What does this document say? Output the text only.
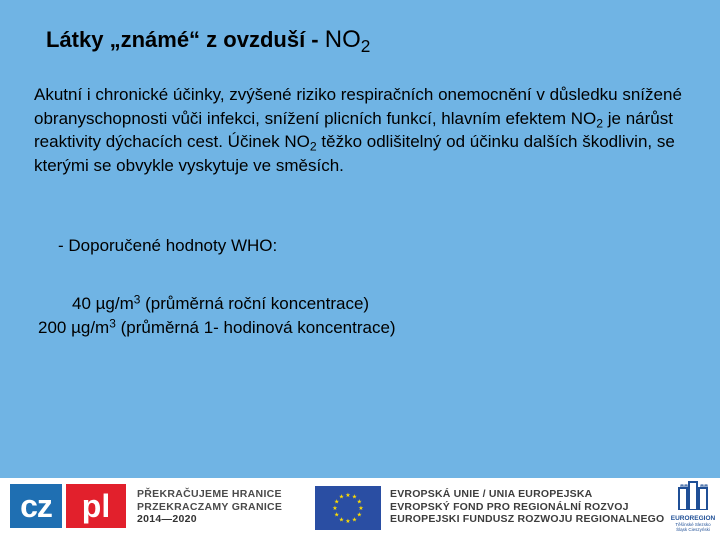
Látky „známé“ z ovzduší - $NO_2$
Akutní i chronické účinky, zvýšené riziko respiračních onemocnění v důsledku snížené obranyschopnosti vůči infekci, snížení plicních funkcí, hlavním efektem $NO_2$ je nárůst reaktivity dýchacích cest. Účinek $NO_2$ těžko odlišitelný od účinku dalších škodlivin, se kterými se obvykle vyskytuje ve směsích.
- Doporučené hodnoty WHO:
40 $\mu g/m^3$ (průměrná roční koncentrace)
200 $\mu g/m^3$ (průměrná 1- hodinová koncentrace)
cz pl	PŘEKRAČUJEME HRANICE
PRZEKRACZAMY GRANICE
2014—2020
★ ★
★
★
★
★
★
★
★
★
★
★	EVROPSKÁ UNIE / UNIA EUROPEJSKA
EVROPSKÝ FOND PRO REGIONÁLNÍ ROZVOJ
EUROPEJSKI FUNDUSZ ROZWOJU REGIONALNEGO EUROREGION
Těšínské Slezsko
Śląsk Cieszyński
